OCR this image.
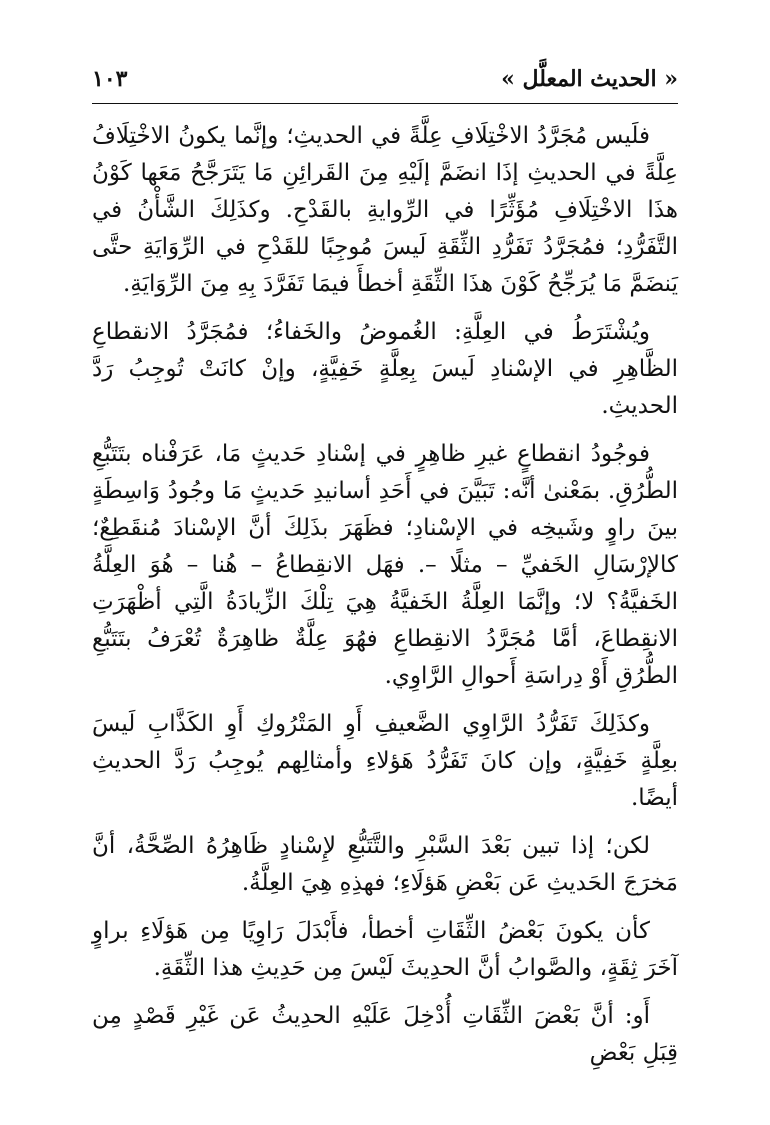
« الحديث المعلَّل »
١٠٣

فلَيس مُجَرَّدُ الاخْتِلَافِ عِلَّةً في الحديثِ؛ وإنَّما يكونُ الاخْتِلَافُ عِلَّةً في الحديثِ إذَا انضَمَّ إلَيْهِ مِنَ القَرائِنِ مَا يَتَرَجَّحُ مَعَها كَوْنُ هذَا الاخْتِلَافِ مُؤَثِّرًا في الرِّوايةِ بالقَدْحِ. وكذَلِكَ الشَّأْنُ في التَّفَرُّدِ؛ فمُجَرَّدُ تَفَرُّدِ الثِّقَةِ لَيسَ مُوجِبًا للقَدْحِ في الرِّوَايَةِ حتَّى يَنضَمَّ مَا يُرَجِّحُ كَوْنَ هذَا الثِّقَةِ أخطأَ فيمَا تَفَرَّدَ بِهِ مِنَ الرِّوَايَةِ.

ويُشْتَرَطُ في العِلَّةِ: الغُموضُ والخَفاءُ؛ فمُجَرَّدُ الانقطاعِ الظَّاهِرِ في الإسْنادِ لَيسَ بِعِلَّةٍ خَفِيَّةٍ، وإنْ كانَتْ تُوجِبُ رَدَّ الحديثِ.

فوجُودُ انقطاعٍ غيرِ ظاهِرٍ في إسْنادِ حَديثٍ مَا، عَرَفْناه بتَتَبُّعِ الطُّرُقِ. بمَعْنىٰ أنَّه: تَبَيَّنَ في أَحَدِ أسانيدِ حَديثٍ مَا وجُودُ وَاسِطَةٍ بينَ راوٍ وشَيخِه في الإسْنادِ؛ فظَهَرَ بذَلِكَ أنَّ الإسْنادَ مُنقَطِعٌ؛ كالإرْسَالِ الخَفيِّ – مثلًا –. فهَل الانقِطاعُ – هُنا – هُوَ العِلَّةُ الخَفيَّةُ؟ لا؛ وإنَّمَا العِلَّةُ الخَفيَّةُ هِيَ تِلْكَ الزِّيادَةُ الَّتِي أظْهَرَتِ الانقِطاعَ، أمَّا مُجَرَّدُ الانقِطاعِ فهُوَ عِلَّةٌ ظاهِرَةٌ تُعْرَفُ بتَتَبُّعِ الطُّرُقِ أَوْ دِراسَةِ أَحوالِ الرَّاوِي.

وكذَلِكَ تَفَرُّدُ الرَّاوِي الضَّعيفِ أَوِ المَتْرُوكِ أَوِ الكَذَّابِ لَيسَ بعِلَّةٍ خَفِيَّةٍ، وإن كانَ تَفَرُّدُ هَؤلاءِ وأمثالِهم يُوجِبُ رَدَّ الحديثِ أيضًا.

لكن؛ إذا تبين بَعْدَ السَّبْرِ والتَّتَبُّعِ لإِسْنادٍ ظَاهِرُهُ الصِّحَّةُ، أنَّ مَخرَجَ الحَديثِ عَن بَعْضِ هَؤلَاءِ؛ فهذِهِ هِيَ العِلَّةُ.

كأن يكونَ بَعْضُ الثِّقَاتِ أخطأ، فأَبْدَلَ رَاوِيًا مِن هَؤلَاءِ براوٍ آخَرَ ثِقَةٍ، والصَّوابُ أنَّ الحدِيثَ لَيْسَ مِن حَدِيثِ هذا الثِّقَةِ.

أَو: أنَّ بَعْضَ الثِّقَاتِ أُدْخِلَ عَلَيْهِ الحدِيثُ عَن غَيْرِ قَصْدٍ مِن قِبَلِ بَعْضِ
